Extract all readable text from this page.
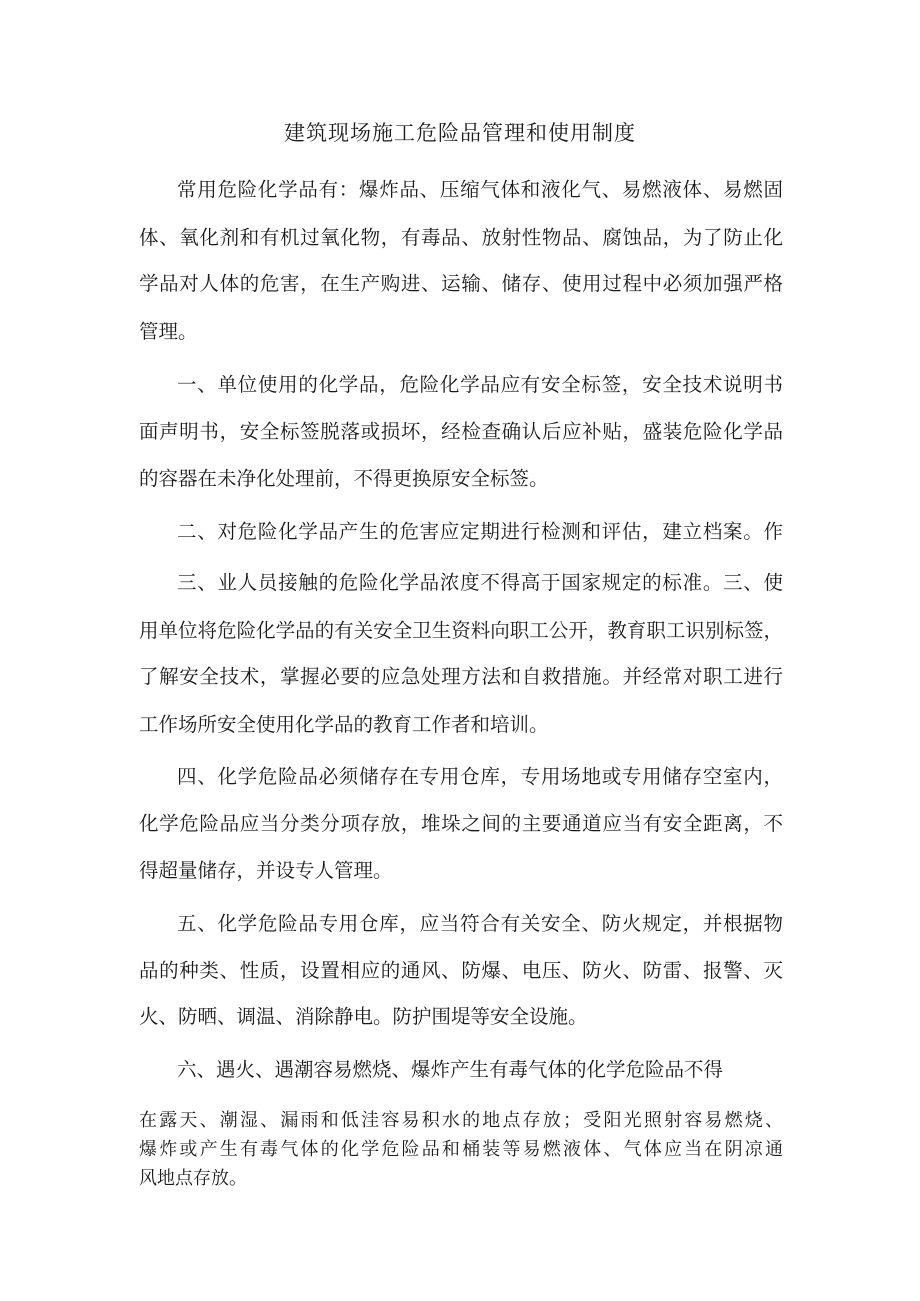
建筑现场施工危险品管理和使用制度
常用危险化学品有：爆炸品、压缩气体和液化气、易燃液体、易燃固
体、氧化剂和有机过氧化物，有毒品、放射性物品、腐蚀品，为了防止化
学品对人体的危害，在生产购进、运输、储存、使用过程中必须加强严格
管理。
一、单位使用的化学品，危险化学品应有安全标签，安全技术说明书
面声明书，安全标签脱落或损坏，经检查确认后应补贴，盛装危险化学品
的容器在未净化处理前，不得更换原安全标签。
二、对危险化学品产生的危害应定期进行检测和评估，建立档案。作
三、业人员接触的危险化学品浓度不得高于国家规定的标准。三、使
用单位将危险化学品的有关安全卫生资料向职工公开，教育职工识别标签，
了解安全技术，掌握必要的应急处理方法和自救措施。并经常对职工进行
工作场所安全使用化学品的教育工作者和培训。
四、化学危险品必须储存在专用仓库，专用场地或专用储存空室内，
化学危险品应当分类分项存放，堆垛之间的主要通道应当有安全距离，不
得超量储存，并设专人管理。
五、化学危险品专用仓库，应当符合有关安全、防火规定，并根据物
品的种类、性质，设置相应的通风、防爆、电压、防火、防雷、报警、灭
火、防晒、调温、消除静电。防护围堤等安全设施。
六、遇火、遇潮容易燃烧、爆炸产生有毒气体的化学危险品不得
在露天、潮湿、漏雨和低洼容易积水的地点存放；受阳光照射容易燃烧、
爆炸或产生有毒气体的化学危险品和桶装等易燃液体、气体应当在阴凉通
风地点存放。
